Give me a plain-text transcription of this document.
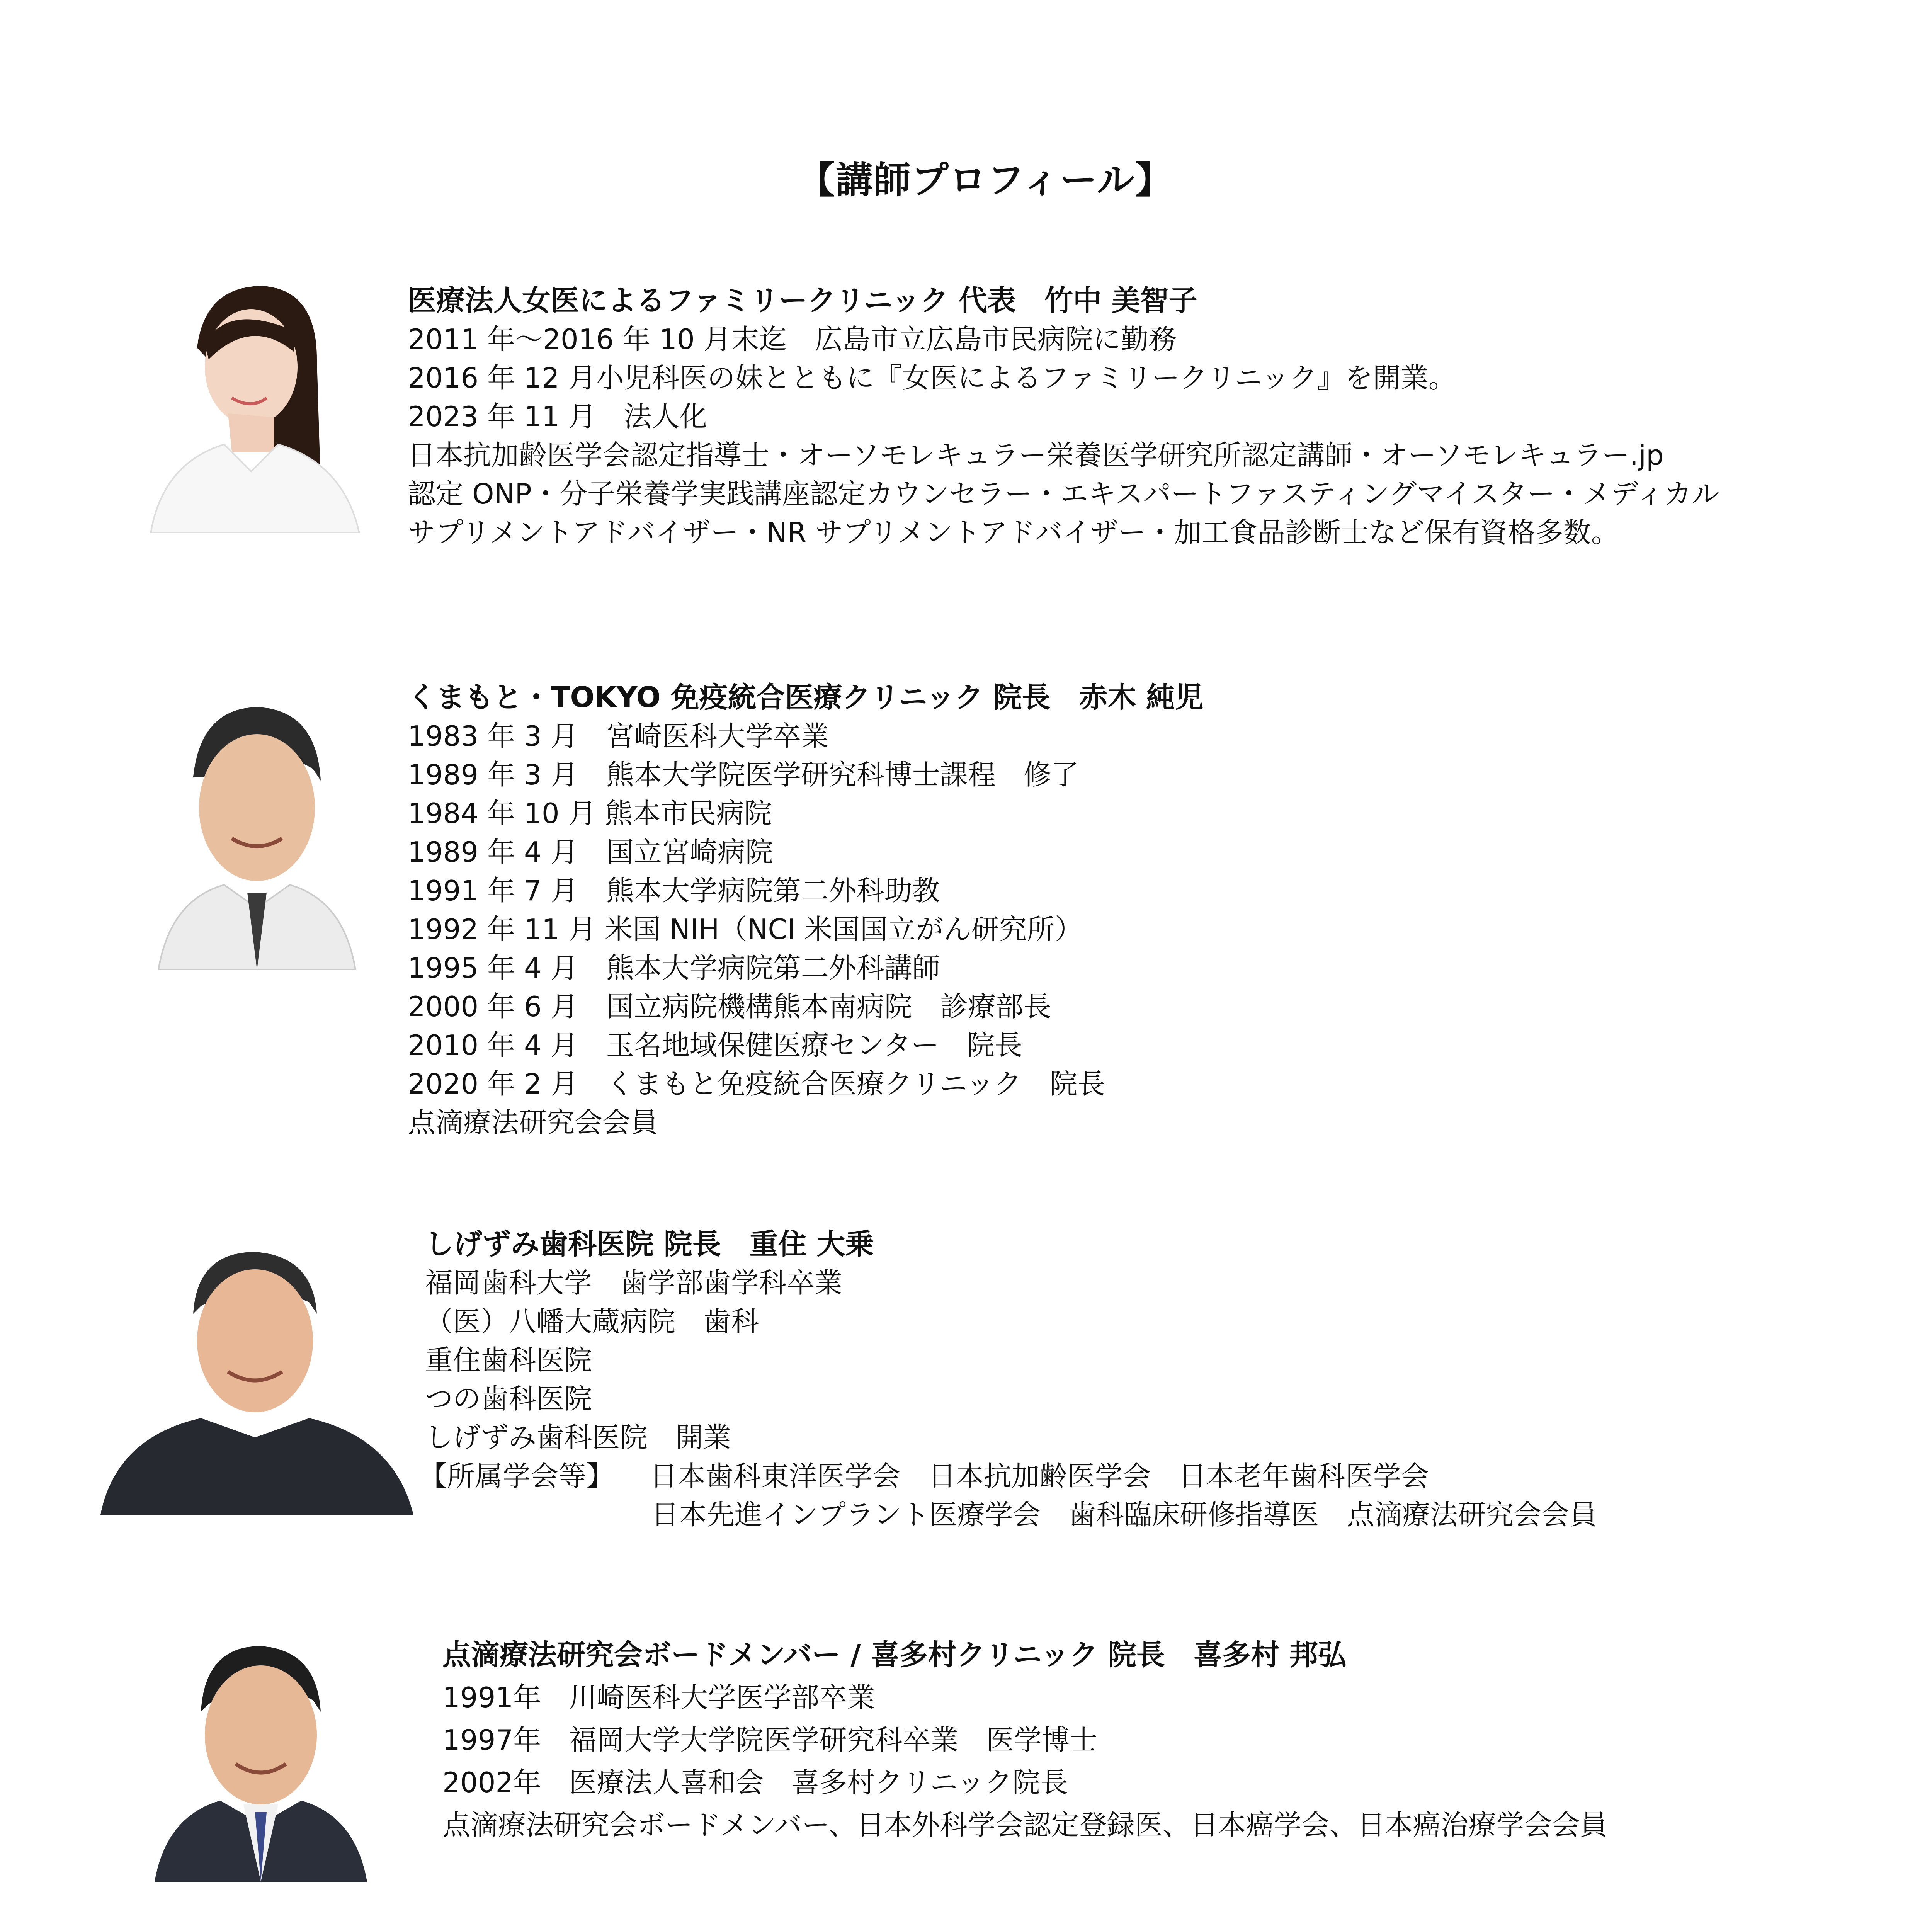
【講師プロフィール】
医療法人女医によるファミリークリニック 代表　竹中 美智子
2011 年～2016 年 10 月末迄　広島市立広島市民病院に勤務
2016 年 12 月小児科医の妹とともに『女医によるファミリークリニック』を開業。
2023 年 11 月　法人化
日本抗加齢医学会認定指導士・オーソモレキュラー栄養医学研究所認定講師・オーソモレキュラー.jp
認定 ONP・分子栄養学実践講座認定カウンセラー・エキスパートファスティングマイスター・メディカル
サプリメントアドバイザー・NR サプリメントアドバイザー・加工食品診断士など保有資格多数。
くまもと・TOKYO 免疫統合医療クリニック 院長　赤木 純児
1983 年 3 月　宮崎医科大学卒業
1989 年 3 月　熊本大学院医学研究科博士課程　修了
1984 年 10 月 熊本市民病院
1989 年 4 月　国立宮崎病院
1991 年 7 月　熊本大学病院第二外科助教
1992 年 11 月 米国 NIH（NCI 米国国立がん研究所）
1995 年 4 月　熊本大学病院第二外科講師
2000 年 6 月　国立病院機構熊本南病院　診療部長
2010 年 4 月　玉名地域保健医療センター　院長
2020 年 2 月　くまもと免疫統合医療クリニック　院長
点滴療法研究会会員
しげずみ歯科医院 院長　重住 大乗
福岡歯科大学　歯学部歯学科卒業
（医）八幡大蔵病院　歯科
重住歯科医院
つの歯科医院
しげずみ歯科医院　開業
【所属学会等】 日本歯科東洋医学会　日本抗加齢医学会　日本老年歯科医学会
日本先進インプラント医療学会　歯科臨床研修指導医　点滴療法研究会会員
点滴療法研究会ボードメンバー / 喜多村クリニック 院長　喜多村 邦弘
1991年　川崎医科大学医学部卒業
1997年　福岡大学大学院医学研究科卒業　医学博士
2002年　医療法人喜和会　喜多村クリニック院長
点滴療法研究会ボードメンバー、日本外科学会認定登録医、日本癌学会、日本癌治療学会会員
